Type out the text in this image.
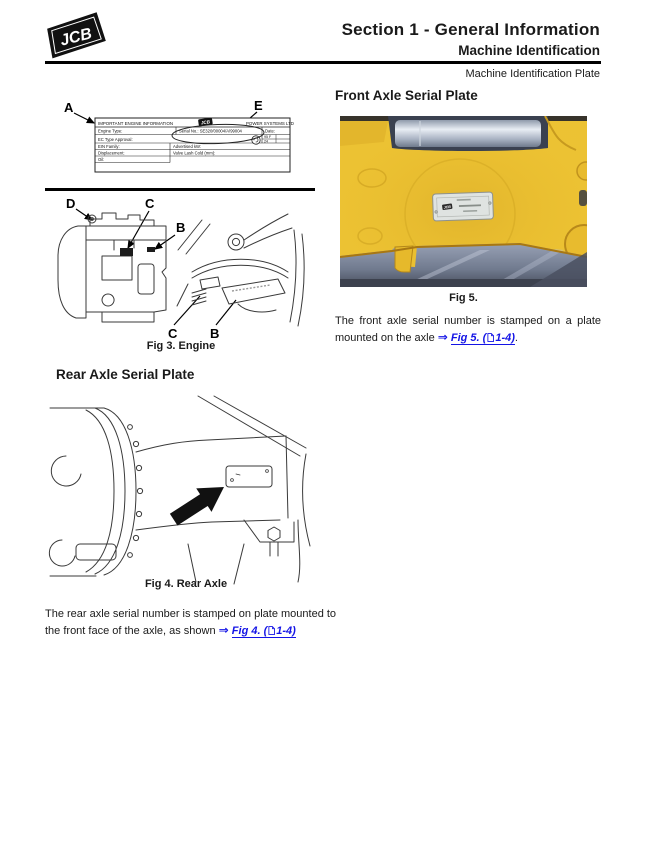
JCB	Section 1 - General Information
Machine Identification
Machine Identification Plate
A	E
IMPORTANT ENGINE INFORMATION	JCB	POWER SYSTEMS LTD
Engine Type:	Serial No.: SE320/00004/A/99004	Date:
EC Type Approval:	95 F
24
EIN Family:	Advertised kW:
Displacement:	Valve Lash Cold (mm):
Oil:
D	C
B
C	B
Fig 3. Engine
Rear Axle Serial Plate
Fig 4. Rear Axle

The rear axle serial number is stamped on plate mounted to the front face of the axle, as shown ⇒ Fig 4. ( 1-4)

Front Axle Serial Plate
JCB
Fig 5.

The front axle serial number is stamped on a plate mounted on the axle ⇒ Fig 5. ( 1-4).
